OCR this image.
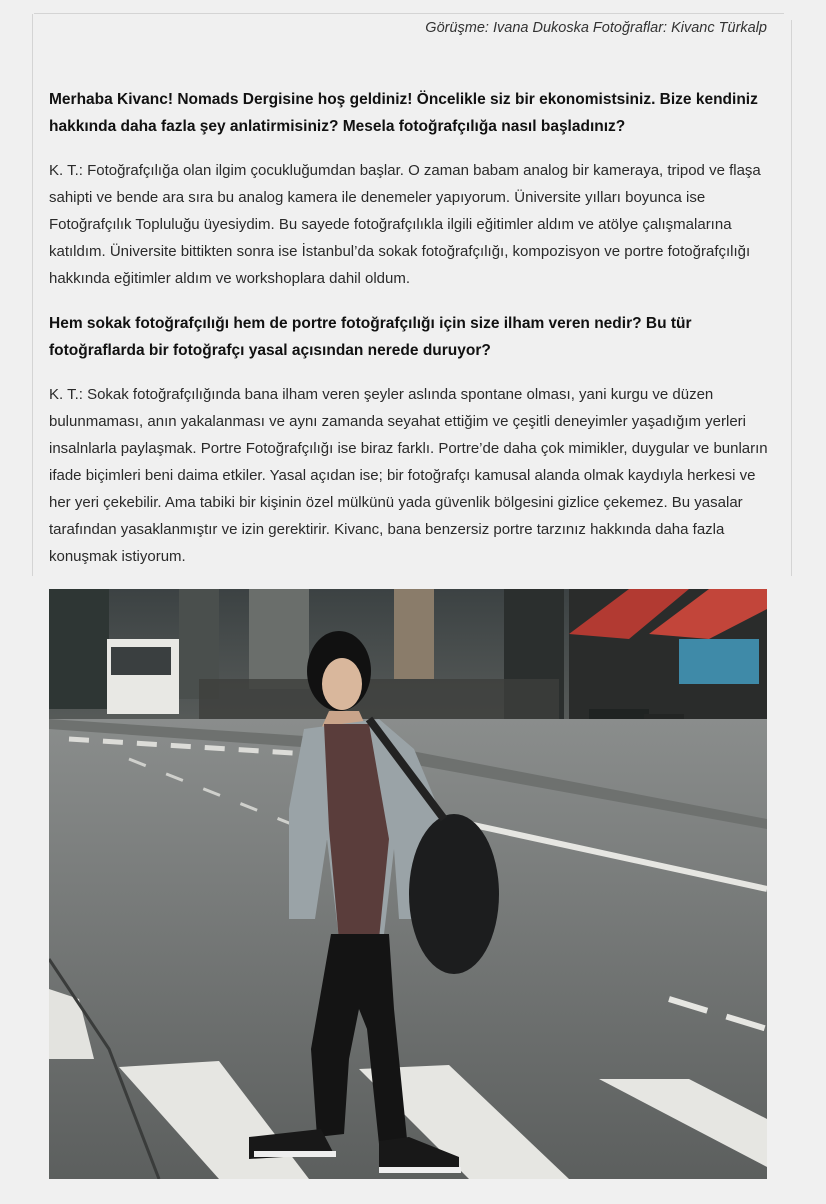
Görüşme: Ivana Dukoska Fotoğraflar: Kivanc Türkalp

Merhaba Kivanc! Nomads Dergisine hoş geldiniz! Öncelikle siz bir ekonomistsiniz. Bize kendiniz hakkında daha fazla şey anlatirmisiniz? Mesela fotoğrafçılığa nasıl başladınız?

K. T.: Fotoğrafçılığa olan ilgim çocukluğumdan başlar. O zaman babam analog bir kameraya, tripod ve flaşa sahipti ve bende ara sıra bu analog kamera ile denemeler yapıyorum. Üniversite yılları boyunca ise Fotoğrafçılık Topluluğu üyesiydim. Bu sayede fotoğrafçılıkla ilgili eğitimler aldım ve atölye çalışmalarına katıldım. Üniversite bittikten sonra ise İstanbul’da sokak fotoğrafçılığı, kompozisyon ve portre fotoğrafçılığı hakkında eğitimler aldım ve workshoplara dahil oldum.

Hem sokak fotoğrafçılığı hem de portre fotoğrafçılığı için size ilham veren nedir? Bu tür fotoğraflarda bir fotoğrafçı yasal açısından nerede duruyor?

K. T.: Sokak fotoğrafçılığında bana ilham veren şeyler aslında spontane olması, yani kurgu ve düzen bulunmaması, anın yakalanması ve aynı zamanda seyahat ettiğim ve çeşitli deneyimler yaşadığım yerleri insalnlarla paylaşmak. Portre Fotoğrafçılığı ise biraz farklı. Portre’de daha çok mimikler, duygular ve bunların ifade biçimleri beni daima etkiler. Yasal açıdan ise; bir fotoğrafçı kamusal alanda olmak kaydıyla herkesi ve her yeri çekebilir. Ama tabiki bir kişinin özel mülkünü yada güvenlik bölgesini gizlice çekemez. Bu yasalar tarafından yasaklanmıştır ve izin gerektirir. Kivanc, bana benzersiz portre tarzınız hakkında daha fazla konuşmak istiyorum.
